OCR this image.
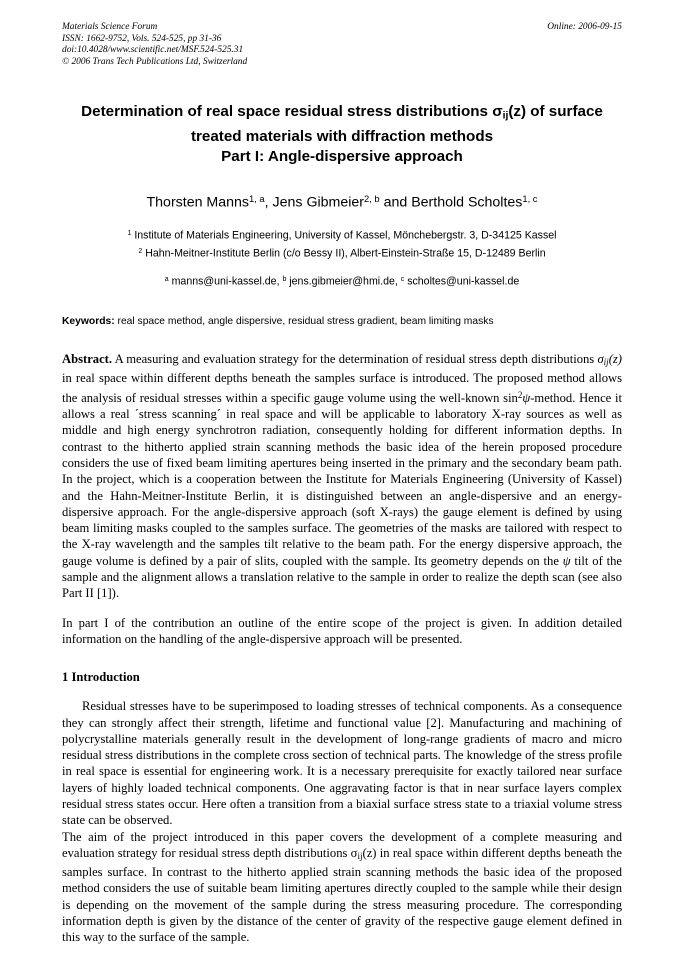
Materials Science Forum
ISSN: 1662-9752, Vols. 524-525, pp 31-36
doi:10.4028/www.scientific.net/MSF.524-525.31
© 2006 Trans Tech Publications Ltd, Switzerland
Online: 2006-09-15
Determination of real space residual stress distributions $\sigma_{ij}(z)$ of surface
treated materials with diffraction methods
Part I: Angle-dispersive approach
Thorsten Manns$^{1, a}$, Jens Gibmeier$^{2, b}$ and Berthold Scholtes$^{1, c}$
$^1$ Institute of Materials Engineering, University of Kassel, Mönchebergstr. 3, D-34125 Kassel
$^2$ Hahn-Meitner-Institute Berlin (c/o Bessy II), Albert-Einstein-Straße 15, D-12489 Berlin
$^a$ manns@uni-kassel.de, $^b$ jens.gibmeier@hmi.de, $^c$ scholtes@uni-kassel.de
Keywords: real space method, angle dispersive, residual stress gradient, beam limiting masks
Abstract. A measuring and evaluation strategy for the determination of residual stress depth distributions $\sigma_{ij}(z)$ in real space within different depths beneath the samples surface is introduced. The proposed method allows the analysis of residual stresses within a specific gauge volume using the well-known $\sin^2\psi$-method. Hence it allows a real ´stress scanning´ in real space and will be applicable to laboratory X-ray sources as well as middle and high energy synchrotron radiation, consequently holding for different information depths. In contrast to the hitherto applied strain scanning methods the basic idea of the herein proposed procedure considers the use of fixed beam limiting apertures being inserted in the primary and the secondary beam path. In the project, which is a cooperation between the Institute for Materials Engineering (University of Kassel) and the Hahn-Meitner-Institute Berlin, it is distinguished between an angle-dispersive and an energy-dispersive approach. For the angle-dispersive approach (soft X-rays) the gauge element is defined by using beam limiting masks coupled to the samples surface. The geometries of the masks are tailored with respect to the X-ray wavelength and the samples tilt relative to the beam path. For the energy dispersive approach, the gauge volume is defined by a pair of slits, coupled with the sample. Its geometry depends on the ψ tilt of the sample and the alignment allows a translation relative to the sample in order to realize the depth scan (see also Part II [1]).
In part I of the contribution an outline of the entire scope of the project is given. In addition detailed information on the handling of the angle-dispersive approach will be presented.
1 Introduction
Residual stresses have to be superimposed to loading stresses of technical components. As a consequence they can strongly affect their strength, lifetime and functional value [2]. Manufacturing and machining of polycrystalline materials generally result in the development of long-range gradients of macro and micro residual stress distributions in the complete cross section of technical parts. The knowledge of the stress profile in real space is essential for engineering work. It is a necessary prerequisite for exactly tailored near surface layers of highly loaded technical components. One aggravating factor is that in near surface layers complex residual stress states occur. Here often a transition from a biaxial surface stress state to a triaxial volume stress state can be observed.
The aim of the project introduced in this paper covers the development of a complete measuring and evaluation strategy for residual stress depth distributions $\sigma_{ij}(z)$ in real space within different depths beneath the samples surface. In contrast to the hitherto applied strain scanning methods the basic idea of the proposed method considers the use of suitable beam limiting apertures directly coupled to the sample while their design is depending on the movement of the sample during the stress measuring procedure. The corresponding information depth is given by the distance of the center of gravity of the respective gauge element defined in this way to the surface of the sample.
